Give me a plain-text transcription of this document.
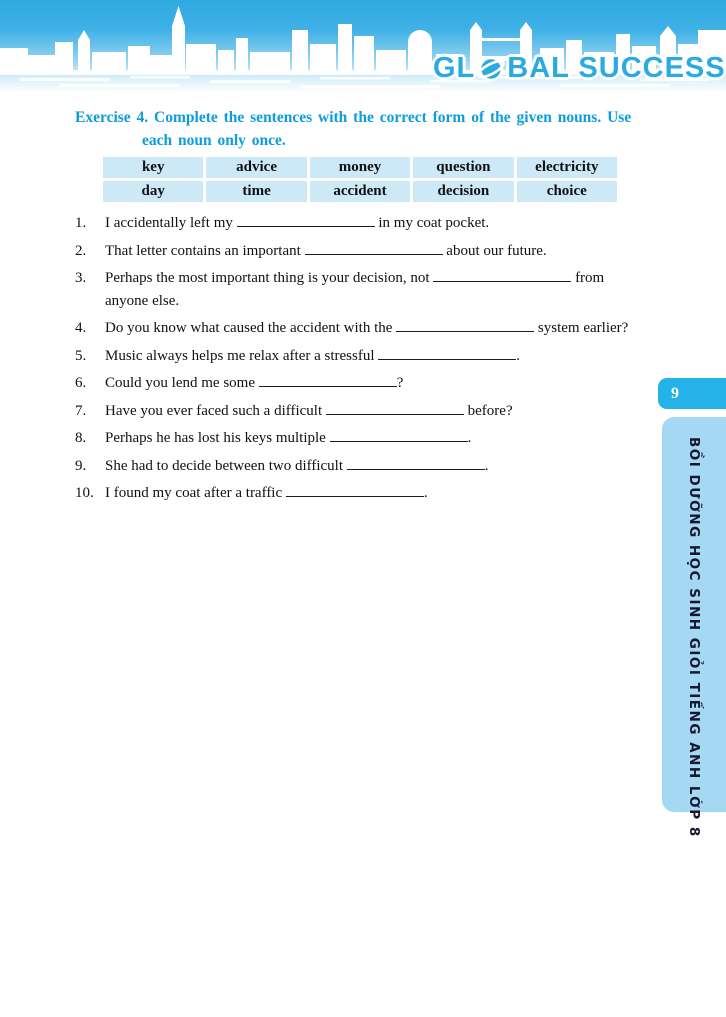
GL BAL SUCCESS
Exercise 4. Complete the sentences with the correct form of the given nouns. Use
each noun only once.
key	advice	money	question	electricity
day	time	accident	decision	choice
1.	I accidentally left my	in my coat pocket.
2.	That letter contains an important	about our future.
3.	Perhaps the most important thing is your decision, not	from
anyone else.
4.	Do you know what caused the accident with the	system earlier?
5.	Music always helps me relax after a stressful	.
6.	Could you lend me some	?
7.	Have you ever faced such a difficult	before?
8.	Perhaps he has lost his keys multiple	.
9.	She had to decide between two difficult	.
10. I found my coat after a traffic	.
9
BỒI DƯỠNG HỌC SINH GIỎI TIẾNG ANH LỚP 8
